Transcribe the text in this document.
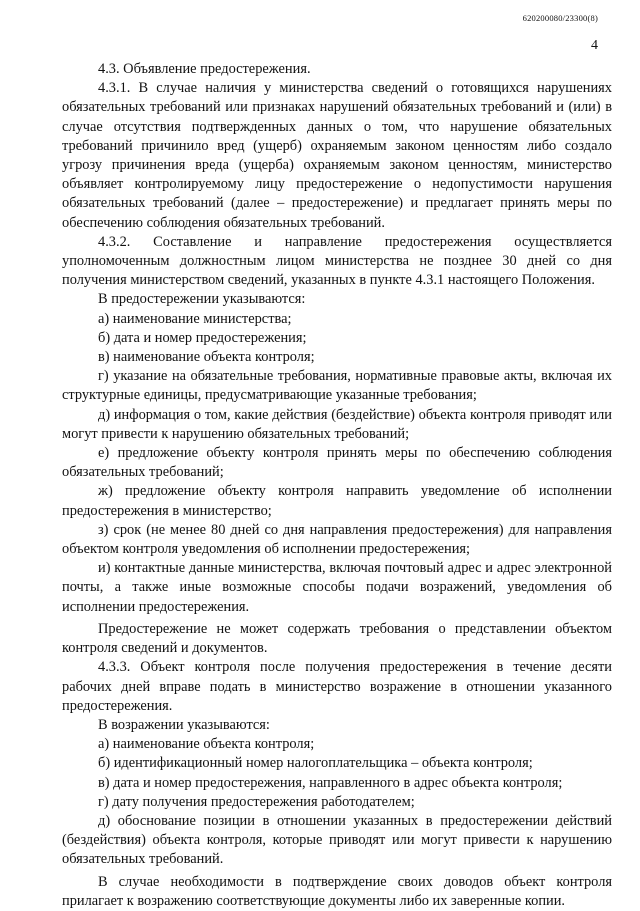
620200080/23300(8)
4

4.3. Объявление предостережения.

4.3.1. В случае наличия у министерства сведений о готовящихся нарушениях обязательных требований или признаках нарушений обязательных требований и (или) в случае отсутствия подтвержденных данных о том, что нарушение обязательных требований причинило вред (ущерб) охраняемым законом ценностям либо создало угрозу причинения вреда (ущерба) охраняемым законом ценностям, министерство объявляет контролируемому лицу предостережение о недопустимости нарушения обязательных требований (далее – предостережение) и предлагает принять меры по обеспечению соблюдения обязательных требований.

4.3.2. Составление и направление предостережения осуществляется уполномоченным должностным лицом министерства не позднее 30 дней со дня получения министерством сведений, указанных в пункте 4.3.1 настоящего Положения.

В предостережении указываются:

а) наименование министерства;

б) дата и номер предостережения;

в) наименование объекта контроля;

г) указание на обязательные требования, нормативные правовые акты, включая их структурные единицы, предусматривающие указанные требования;

д) информация о том, какие действия (бездействие) объекта контроля приводят или могут привести к нарушению обязательных требований;

е) предложение объекту контроля принять меры по обеспечению соблюдения обязательных требований;

ж) предложение объекту контроля направить уведомление об исполнении предостережения в министерство;

з) срок (не менее 80 дней со дня направления предостережения) для направления объектом контроля уведомления об исполнении предостережения;

и) контактные данные министерства, включая почтовый адрес и адрес электронной почты, а также иные возможные способы подачи возражений, уведомления об исполнении предостережения.

Предостережение не может содержать требования о представлении объектом контроля сведений и документов.

4.3.3. Объект контроля после получения предостережения в течение десяти рабочих дней вправе подать в министерство возражение в отношении указанного предостережения.

В возражении указываются:

а) наименование объекта контроля;

б) идентификационный номер налогоплательщика – объекта контроля;

в) дата и номер предостережения, направленного в адрес объекта контроля;

г) дату получения предостережения работодателем;

д) обоснование позиции в отношении указанных в предостережении действий (бездействия) объекта контроля, которые приводят или могут привести к нарушению обязательных требований.

В случае необходимости в подтверждение своих доводов объект контроля прилагает к возражению соответствующие документы либо их заверенные копии.
